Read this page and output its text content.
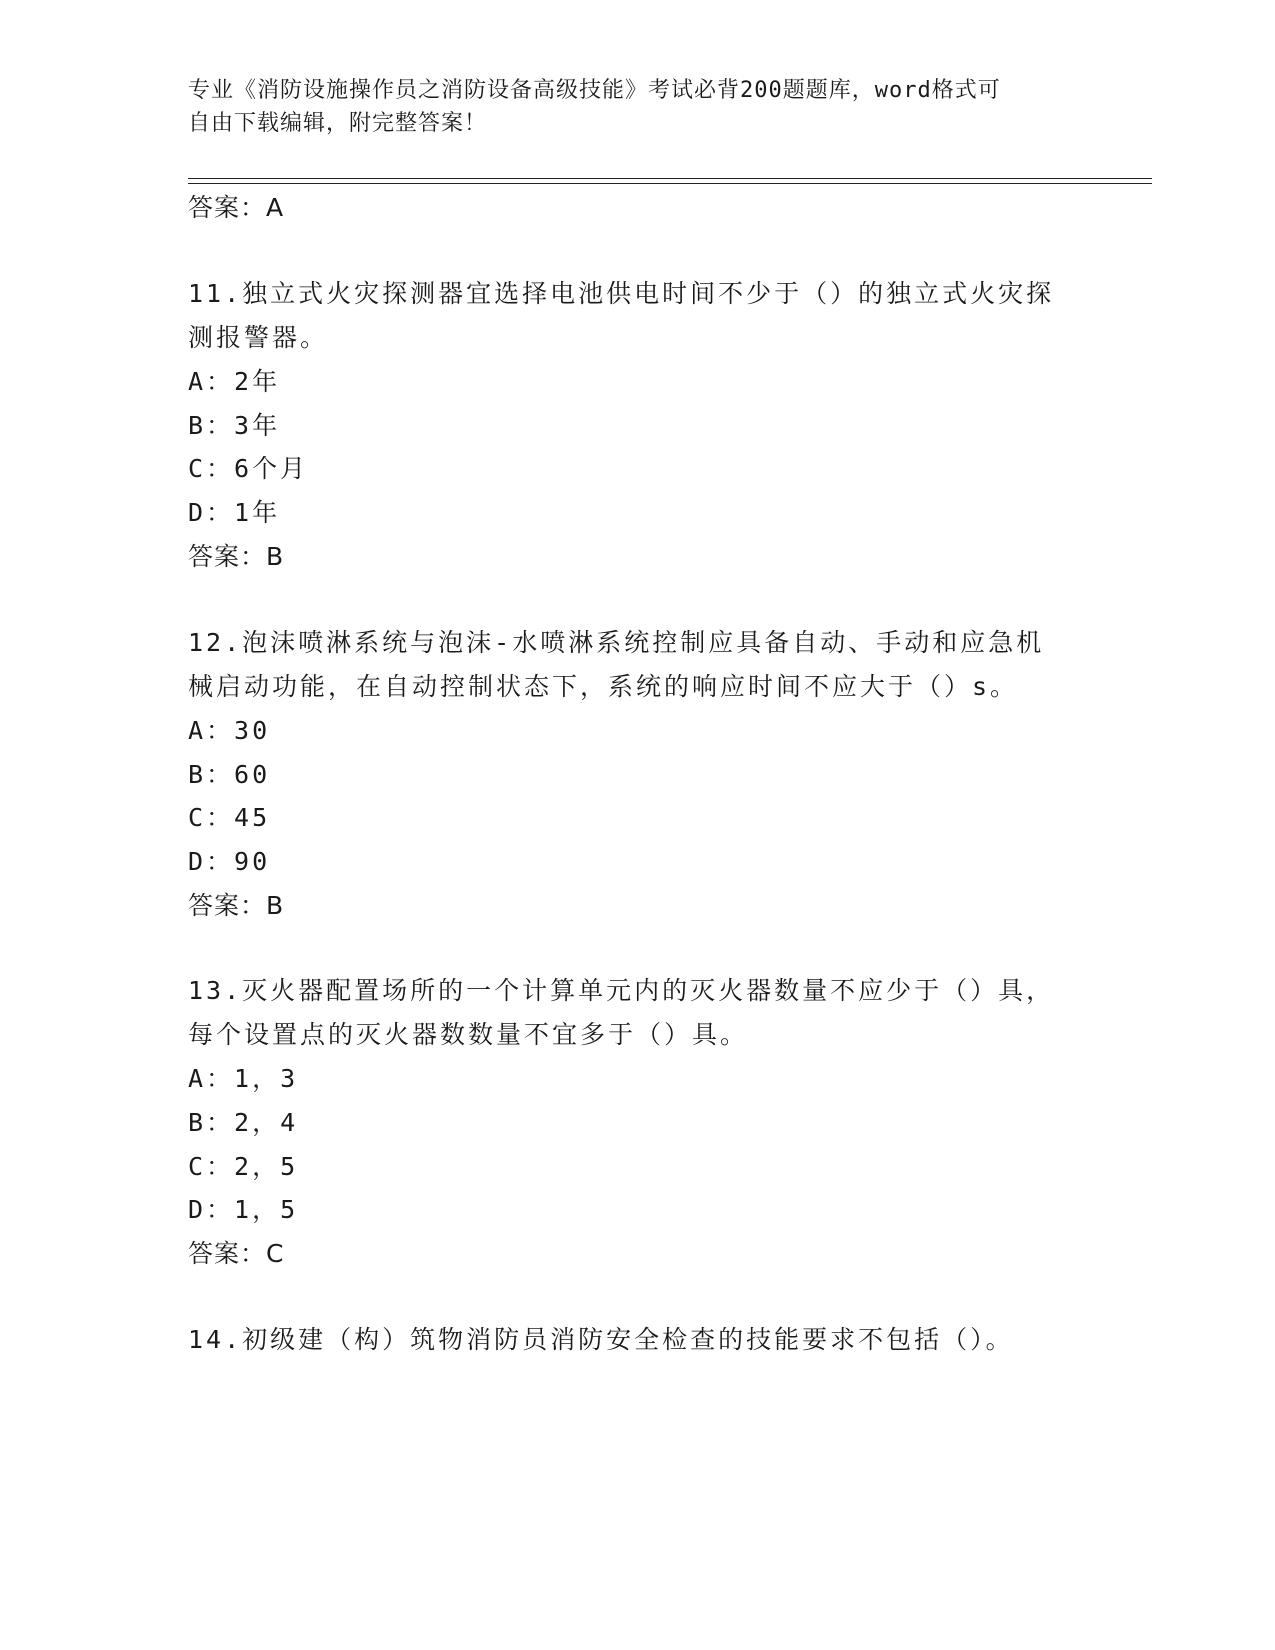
专业《消防设施操作员之消防设备高级技能》考试必背200题题库，word格式可
自由下载编辑，附完整答案！
答案：A
11.独立式火灾探测器宜选择电池供电时间不少于（）的独立式火灾探
测报警器。
A：2年
B：3年
C：6个月
D：1年
答案：B
12.泡沫喷淋系统与泡沫-水喷淋系统控制应具备自动、手动和应急机
械启动功能，在自动控制状态下，系统的响应时间不应大于（）s。
A：30
B：60
C：45
D：90
答案：B
13.灭火器配置场所的一个计算单元内的灭火器数量不应少于（）具，
每个设置点的灭火器数数量不宜多于（）具。
A：1，3
B：2，4
C：2，5
D：1，5
答案：C
14.初级建（构）筑物消防员消防安全检查的技能要求不包括（）。
